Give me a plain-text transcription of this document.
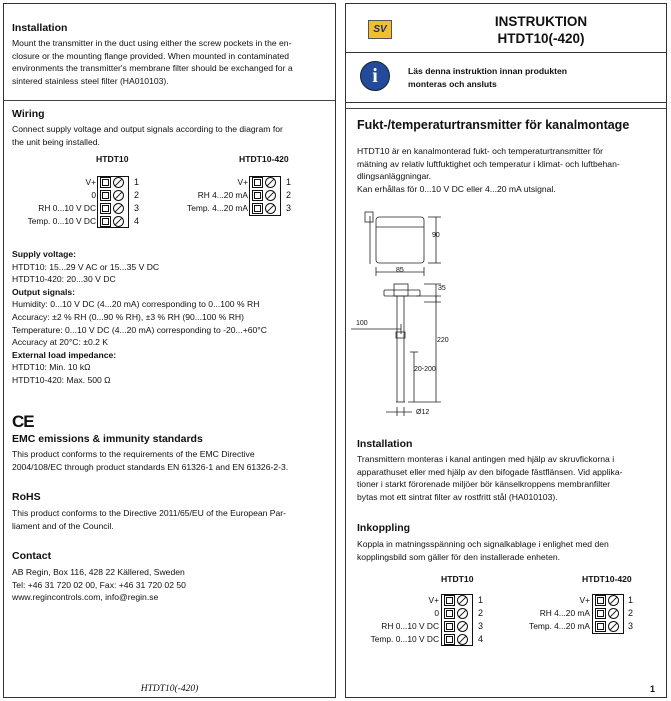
Installation
Mount the transmitter in the duct using either the screw pockets in the en-
closure or the mounting flange provided. When mounted in contaminated
environments the transmitter's membrane filter should be exchanged for a
sintered stainless steel filter (HA010103).
Wiring
Connect supply voltage and output signals according to the diagram for
the unit being installed.
HTDT10
V+
0
RH 0...10 V DC
Temp. 0...10 V DC
1
2
3
4
HTDT10-420
V+
RH 4...20 mA
Temp. 4...20 mA
1
2
3
Supply voltage:
HTDT10: 15...29 V AC or 15...35 V DC
HTDT10-420: 20...30 V DC
Output signals:
Humidity: 0...10 V DC (4...20 mA) corresponding to 0...100 % RH
Accuracy: ±2 % RH (0...90 % RH), ±3 % RH (90...100 % RH)
Temperature: 0...10 V DC (4...20 mA) corresponding to -20...+60°C
Accuracy at 20°C: ±0.2 K
External load impedance:
HTDT10: Min. 10 kΩ
HTDT10-420: Max. 500 Ω
CE
EMC emissions & immunity standards
This product conforms to the requirements of the EMC Directive
2004/108/EC through product standards EN 61326-1 and EN 61326-2-3.
RoHS
This product conforms to the Directive 2011/65/EU of the European Par-
liament and of the Council.
Contact
AB Regin, Box 116, 428 22 Källered, Sweden
Tel: +46 31 720 02 00, Fax: +46 31 720 02 50
www.regincontrols.com, info@regin.se
HTDT10(-420)
SV
INSTRUKTION
HTDT10(-420)
i	Läs denna instruktion innan produkten
monteras och ansluts
Fukt-/temperaturtransmitter för kanalmontage
HTDT10 är en kanalmonterad fukt- och temperaturtransmitter för
mätning av relativ luftfuktighet och temperatur i klimat- och luftbehan-
dlingsanläggningar.
Kan erhållas för 0...10 V DC eller 4...20 mA utsignal.
90
85
35
100
220
20-200
Ø12
Installation
Transmittern monteras i kanal antingen med hjälp av skruvfickorna i
apparathuset eller med hjälp av den bifogade fästflänsen. Vid applika-
tioner i starkt förorenade miljöer bör känselkroppens membranfilter
bytas mot ett sintrat filter av rostfritt stål (HA010103).
Inkoppling
Koppla in matningsspänning och signalkablage i enlighet med den
kopplingsbild som gäller för den installerade enheten.
HTDT10
V+
0
RH 0...10 V DC
Temp. 0...10 V DC
1
2
3
4
HTDT10-420
V+
RH 4...20 mA
Temp. 4...20 mA
1
2
3
1
